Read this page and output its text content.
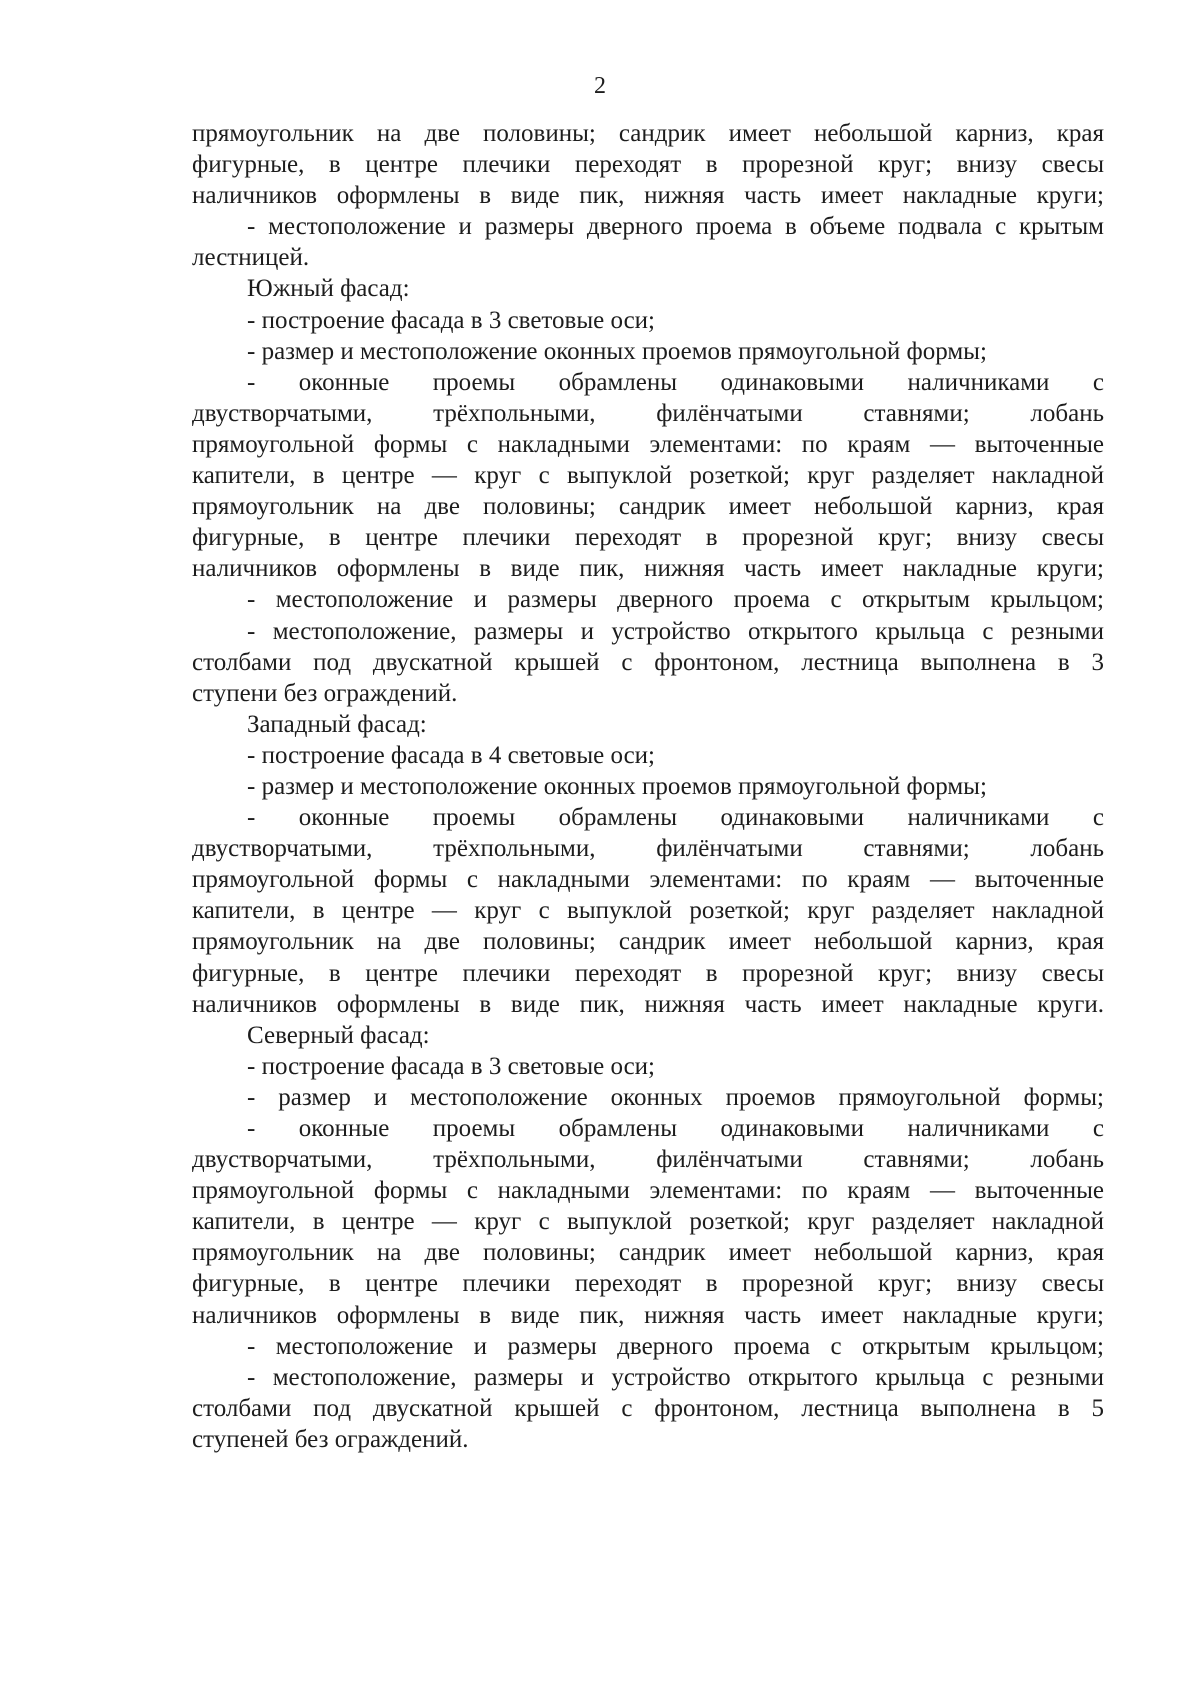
2

прямоугольник на две половины; сандрик имеет небольшой карниз, края

фигурные, в центре плечики переходят в прорезной круг; внизу свесы

наличников оформлены в виде пик, нижняя часть имеет накладные круги;

- местоположение и размеры дверного проема в объеме подвала с крытым

лестницей.

Южный фасад:

- построение фасада в 3 световые оси;

- размер и местоположение оконных проемов прямоугольной формы;

- оконные проемы обрамлены одинаковыми наличниками с

двустворчатыми, трёхпольными, филёнчатыми ставнями; лобань

прямоугольной формы с накладными элементами: по краям — выточенные

капители, в центре — круг с выпуклой розеткой; круг разделяет накладной

прямоугольник на две половины; сандрик имеет небольшой карниз, края

фигурные, в центре плечики переходят в прорезной круг; внизу свесы

наличников оформлены в виде пик, нижняя часть имеет накладные круги;

- местоположение и размеры дверного проема с открытым крыльцом;

- местоположение, размеры и устройство открытого крыльца с резными

столбами под двускатной крышей с фронтоном, лестница выполнена в 3

ступени без ограждений.

Западный фасад:

- построение фасада в 4 световые оси;

- размер и местоположение оконных проемов прямоугольной формы;

- оконные проемы обрамлены одинаковыми наличниками с

двустворчатыми, трёхпольными, филёнчатыми ставнями; лобань

прямоугольной формы с накладными элементами: по краям — выточенные

капители, в центре — круг с выпуклой розеткой; круг разделяет накладной

прямоугольник на две половины; сандрик имеет небольшой карниз, края

фигурные, в центре плечики переходят в прорезной круг; внизу свесы

наличников оформлены в виде пик, нижняя часть имеет накладные круги.

Северный фасад:

- построение фасада в 3 световые оси;

- размер и местоположение оконных проемов прямоугольной формы;

- оконные проемы обрамлены одинаковыми наличниками с

двустворчатыми, трёхпольными, филёнчатыми ставнями; лобань

прямоугольной формы с накладными элементами: по краям — выточенные

капители, в центре — круг с выпуклой розеткой; круг разделяет накладной

прямоугольник на две половины; сандрик имеет небольшой карниз, края

фигурные, в центре плечики переходят в прорезной круг; внизу свесы

наличников оформлены в виде пик, нижняя часть имеет накладные круги;

- местоположение и размеры дверного проема с открытым крыльцом;

- местоположение, размеры и устройство открытого крыльца с резными

столбами под двускатной крышей с фронтоном, лестница выполнена в 5

ступеней без ограждений.
